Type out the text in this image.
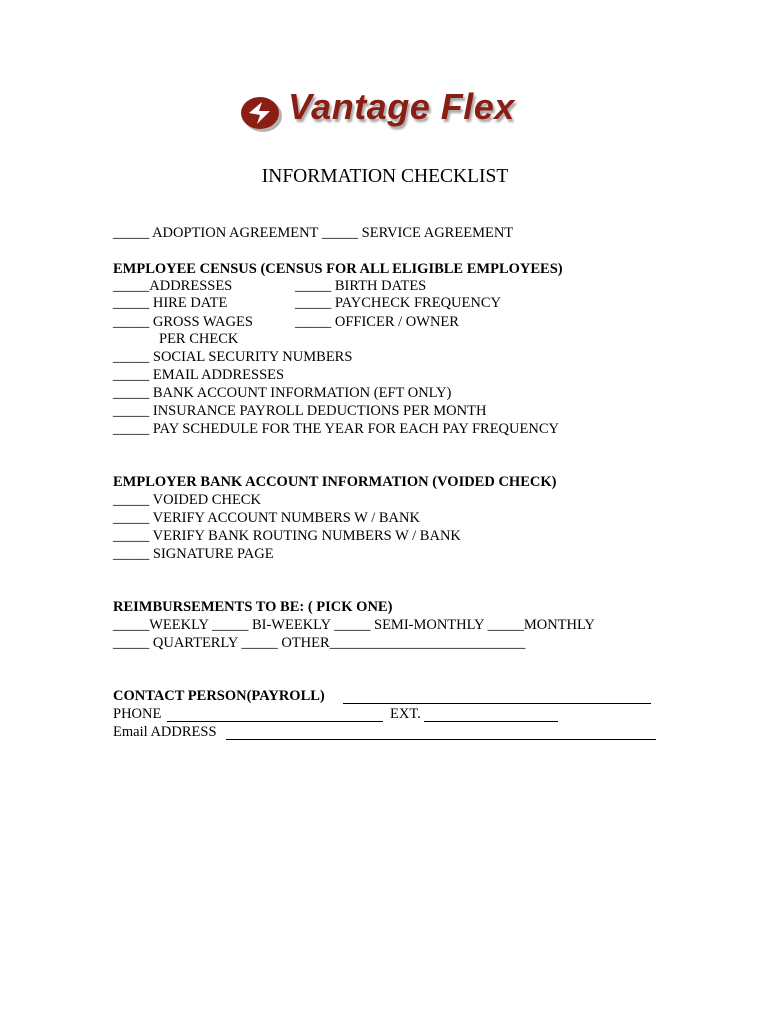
Vantage Flex
INFORMATION CHECKLIST
_____ ADOPTION AGREEMENT _____ SERVICE AGREEMENT
EMPLOYEE CENSUS (CENSUS FOR ALL ELIGIBLE EMPLOYEES)
_____ADDRESSES	_____ BIRTH DATES
_____ HIRE DATE	_____ PAYCHECK FREQUENCY
_____ GROSS WAGES	_____ OFFICER / OWNER
PER CHECK
_____ SOCIAL SECURITY NUMBERS
_____ EMAIL ADDRESSES
_____ BANK ACCOUNT INFORMATION (EFT ONLY)
_____ INSURANCE PAYROLL DEDUCTIONS PER MONTH
_____ PAY SCHEDULE FOR THE YEAR FOR EACH PAY FREQUENCY
EMPLOYER BANK ACCOUNT INFORMATION (VOIDED CHECK)
_____ VOIDED CHECK
_____ VERIFY ACCOUNT NUMBERS W / BANK
_____ VERIFY BANK ROUTING NUMBERS W / BANK
_____ SIGNATURE PAGE
REIMBURSEMENTS TO BE: ( PICK ONE)
_____WEEKLY _____ BI-WEEKLY _____ SEMI-MONTHLY _____MONTHLY
_____ QUARTERLY _____ OTHER___________________________
CONTACT PERSON(PAYROLL)
PHONE	EXT.
Email ADDRESS
